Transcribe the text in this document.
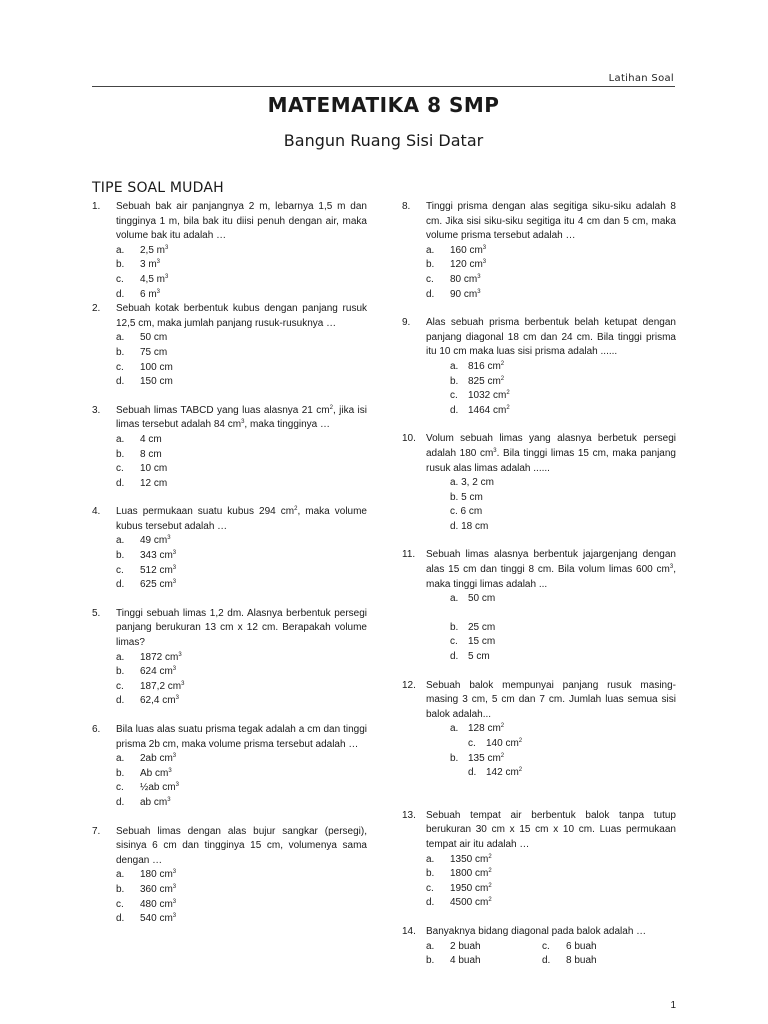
Latihan Soal
MATEMATIKA 8 SMP
Bangun Ruang Sisi Datar
TIPE SOAL MUDAH
1.	Sebuah bak air panjangnya 2 m, lebarnya 1,5 m dan tingginya 1 m, bila bak itu diisi penuh dengan air, maka volume bak itu adalah …
a.	2,5 $m^3$
b.	3 $m^3$
c.	4,5 $m^3$
d.	6 $m^3$
2.	Sebuah kotak berbentuk kubus dengan panjang rusuk 12,5 cm, maka jumlah panjang rusuk-rusuknya …
a.	50 cm
b.	75 cm
c.	100 cm
d.	150 cm
3.	Sebuah limas TABCD yang luas alasnya 21 $cm^2$, jika isi limas tersebut adalah 84 $cm^3$, maka tingginya …
a.	4 cm
b.	8 cm
c.	10 cm
d.	12 cm
4.	Luas permukaan suatu kubus 294 $cm^2$, maka volume kubus tersebut adalah …
a.	49 $cm^3$
b.	343 $cm^3$
c.	512 $cm^3$
d.	625 $cm^3$
5.	Tinggi sebuah limas 1,2 dm. Alasnya berbentuk persegi panjang berukuran 13 cm x 12 cm. Berapakah volume limas?
a.	1872 $cm^3$
b.	624 $cm^3$
c.	187,2 $cm^3$
d.	62,4 $cm^3$
6.	Bila luas alas suatu prisma tegak adalah a cm dan tinggi prisma 2b cm, maka volume prisma tersebut adalah …
a.	2ab $cm^3$
b.	Ab $cm^3$
c.	½ab $cm^3$
d.	ab $cm^3$
7.	Sebuah limas dengan alas bujur sangkar (persegi), sisinya 6 cm dan tingginya 15 cm, volumenya sama dengan …
a.	180 $cm^3$
b.	360 $cm^3$
c.	480 $cm^3$
d.	540 $cm^3$
8.	Tinggi prisma dengan alas segitiga siku-siku adalah 8 cm. Jika sisi siku-siku segitiga itu 4 cm dan 5 cm, maka volume prisma tersebut adalah …
a.	160 $cm^3$
b.	120 $cm^3$
c.	80 $cm^3$
d.	90 $cm^3$
9.	Alas sebuah prisma berbentuk belah ketupat dengan panjang diagonal 18 cm dan 24 cm. Bila tinggi prisma itu 10 cm maka luas sisi prisma adalah ......
a. 816 $cm^2$
b. 825 $cm^2$
c.	1032 $cm^2$
d. 1464 $cm^2$
10.	Volum sebuah limas yang alasnya berbetuk persegi adalah 180 $cm^3$. Bila tinggi limas 15 cm, maka panjang rusuk alas limas adalah ......
a. 3, 2 cm
b. 5 cm
c. 6 cm
d. 18 cm
11.	Sebuah limas alasnya berbentuk jajargenjang dengan alas 15 cm dan tinggi 8 cm. Bila volum limas 600 $cm^3$, maka tinggi limas adalah ...
a. 50 cm
b. 25 cm
c.	15 cm
d. 5 cm
12.	Sebuah balok mempunyai panjang rusuk masing-masing 3 cm, 5 cm dan 7 cm. Jumlah luas semua sisi balok adalah...
a. 128 $cm^2$
c.	140 $cm^2$
b. 135 $cm^2$
d. 142 $cm^2$
13.	Sebuah tempat air berbentuk balok tanpa tutup berukuran 30 cm x 15 cm x 10 cm. Luas permukaan tempat air itu adalah …
a.	1350 $cm^2$
b.	1800 $cm^2$
c.	1950 $cm^2$
d.	4500 $cm^2$
14.	Banyaknya bidang diagonal pada balok adalah …
a.	2 buah	c.	6 buah
b.	4 buah	d.	8 buah
1
